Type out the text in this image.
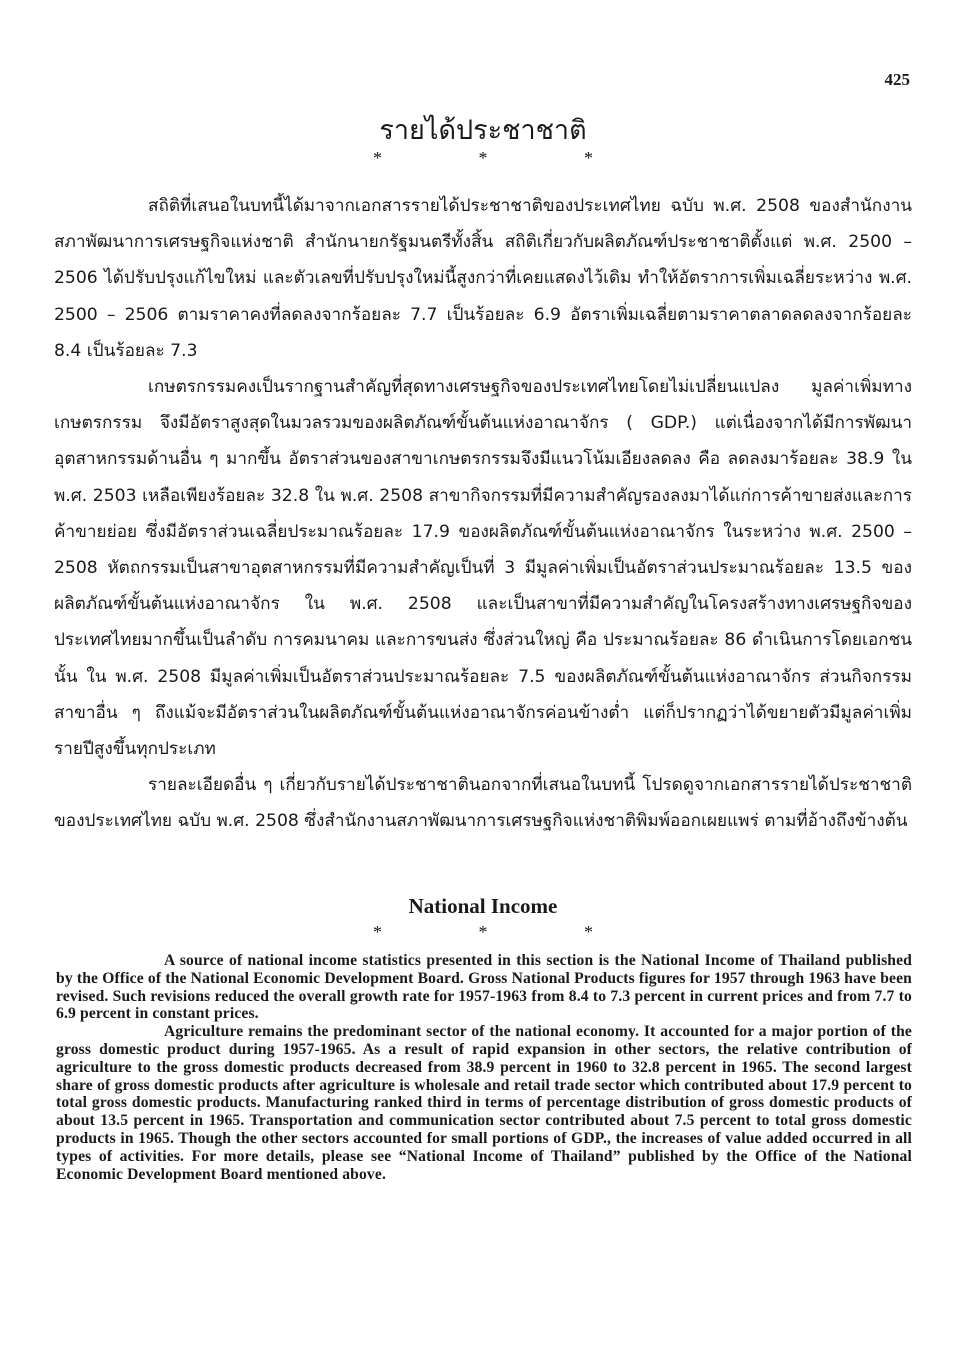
425
รายได้ประชาชาติ
* * *

สถิติที่เสนอในบทนี้ได้มาจากเอกสารรายได้ประชาชาติของประเทศไทย ฉบับ พ.ศ. 2508 ของสำนักงานสภาพัฒนาการเศรษฐกิจแห่งชาติ สำนักนายกรัฐมนตรีทั้งสิ้น สถิติเกี่ยวกับผลิตภัณฑ์ประชาชาติตั้งแต่ พ.ศ. 2500 – 2506 ได้ปรับปรุงแก้ไขใหม่ และตัวเลขที่ปรับปรุงใหม่นี้สูงกว่าที่เคยแสดงไว้เดิม ทำให้อัตราการเพิ่มเฉลี่ยระหว่าง พ.ศ. 2500 – 2506 ตามราคาคงที่ลดลงจากร้อยละ 7.7 เป็นร้อยละ 6.9 อัตราเพิ่มเฉลี่ยตามราคาตลาดลดลงจากร้อยละ 8.4 เป็นร้อยละ 7.3

เกษตรกรรมคงเป็นรากฐานสำคัญที่สุดทางเศรษฐกิจของประเทศไทยโดยไม่เปลี่ยนแปลง มูลค่าเพิ่มทางเกษตรกรรม จึงมีอัตราสูงสุดในมวลรวมของผลิตภัณฑ์ขั้นต้นแห่งอาณาจักร ( GDP.) แต่เนื่องจากได้มีการพัฒนาอุตสาหกรรมด้านอื่น ๆ มากขึ้น อัตราส่วนของสาขาเกษตรกรรมจึงมีแนวโน้มเอียงลดลง คือ ลดลงมาร้อยละ 38.9 ใน พ.ศ. 2503 เหลือเพียงร้อยละ 32.8 ใน พ.ศ. 2508 สาขากิจกรรมที่มีความสำคัญรองลงมาได้แก่การค้าขายส่งและการค้าขายย่อย ซึ่งมีอัตราส่วนเฉลี่ยประมาณร้อยละ 17.9 ของผลิตภัณฑ์ขั้นต้นแห่งอาณาจักร ในระหว่าง พ.ศ. 2500 – 2508 หัตถกรรมเป็นสาขาอุตสาหกรรมที่มีความสำคัญเป็นที่ 3 มีมูลค่าเพิ่มเป็นอัตราส่วนประมาณร้อยละ 13.5 ของผลิตภัณฑ์ขั้นต้นแห่งอาณาจักร ใน พ.ศ. 2508 และเป็นสาขาที่มีความสำคัญในโครงสร้างทางเศรษฐกิจของประเทศไทยมากขึ้นเป็นลำดับ การคมนาคม และการขนส่ง ซึ่งส่วนใหญ่ คือ ประมาณร้อยละ 86 ดำเนินการโดยเอกชนนั้น ใน พ.ศ. 2508 มีมูลค่าเพิ่มเป็นอัตราส่วนประมาณร้อยละ 7.5 ของผลิตภัณฑ์ขั้นต้นแห่งอาณาจักร ส่วนกิจกรรมสาขาอื่น ๆ ถึงแม้จะมีอัตราส่วนในผลิตภัณฑ์ขั้นต้นแห่งอาณาจักรค่อนข้างต่ำ แต่ก็ปรากฏว่าได้ขยายตัวมีมูลค่าเพิ่มรายปีสูงขึ้นทุกประเภท

รายละเอียดอื่น ๆ เกี่ยวกับรายได้ประชาชาตินอกจากที่เสนอในบทนี้ โปรดดูจากเอกสารรายได้ประชาชาติของประเทศไทย ฉบับ พ.ศ. 2508 ซึ่งสำนักงานสภาพัฒนาการเศรษฐกิจแห่งชาติพิมพ์ออกเผยแพร่ ตามที่อ้างถึงข้างต้น

National Income
* * *

A source of national income statistics presented in this section is the National Income of Thailand published by the Office of the National Economic Development Board. Gross National Products figures for 1957 through 1963 have been revised. Such revisions reduced the overall growth rate for 1957-1963 from 8.4 to 7.3 percent in current prices and from 7.7 to 6.9 percent in constant prices.

Agriculture remains the predominant sector of the national economy. It accounted for a major portion of the gross domestic product during 1957-1965. As a result of rapid expansion in other sectors, the relative contribution of agriculture to the gross domestic products decreased from 38.9 percent in 1960 to 32.8 percent in 1965. The second largest share of gross domestic products after agriculture is wholesale and retail trade sector which contributed about 17.9 percent to total gross domestic products. Manufacturing ranked third in terms of percentage distribution of gross domestic products of about 13.5 percent in 1965. Transportation and communication sector contributed about 7.5 percent to total gross domestic products in 1965. Though the other sectors accounted for small portions of GDP., the increases of value added occurred in all types of activities. For more details, please see “National Income of Thailand” published by the Office of the National Economic Development Board mentioned above.
